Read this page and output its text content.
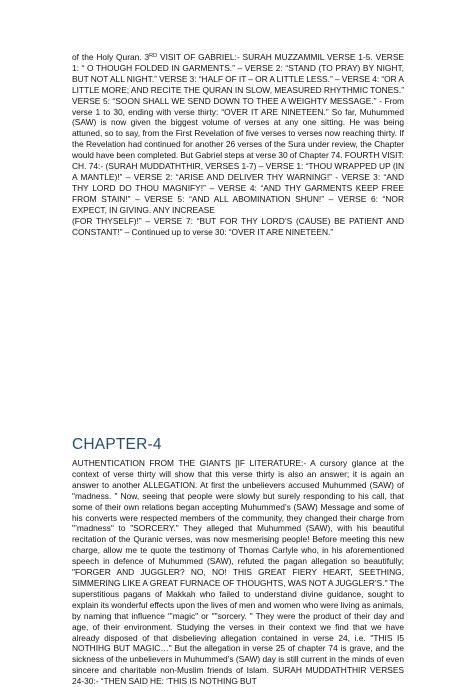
of the Holy Quran. 3RD VISIT OF GABRIEL:- SURAH MUZZAMMIL VERSE 1-5. VERSE 1: “ O THOUGH FOLDED IN GARMENTS.” – VERSE 2: “STAND (TO PRAY) BY NIGHT, BUT NOT ALL NIGHT.” VERSE 3: “HALF OF IT – OR A LITTLE LESS.” – VERSE 4: “OR A LITTLE MORE; AND RECITE THE QURAN IN SLOW, MEASURED RHYTHMIC TONES.” VERSE 5: “SOON SHALL WE SEND DOWN TO THEE A WEIGHTY MESSAGE.” - From verse 1 to 30, ending with verse thirty: “OVER IT ARE NINETEEN.” So far, Muhummed (SAW) is now given the biggest volume of verses at any one sitting. He was being attuned, so to say, from the First Revelation of five verses to verses now reaching thirty. If the Revelation had continued for another 26 verses of the Sura under review, the Chapter would have been completed. But Gabriel steps at verse 30 of Chapter 74. FOURTH VISIT: CH. 74:- (SURAH MUDDATHTHIR, VERSES 1-7) – VERSE 1: “THOU WRAPPED UP (IN A MANTLE)!” – VERSE 2: “ARISE AND DELIVER THY WARNING!” - VERSE 3: “AND THY LORD DO THOU MAGNIFY!” – VERSE 4: “AND THY GARMENTS KEEP FREE FROM STAIN!” – VERSE 5: “AND ALL ABOMINATION SHUN!” – VERSE 6: “NOR EXPECT, IN GIVING. ANY INCREASE

(FOR THYSELF)!” – VERSE 7: “BUT FOR THY LORD’S (CAUSE) BE PATIENT AND CONSTANT!” – Continued up to verse 30: “OVER IT ARE NINETEEN.”

CHAPTER-4

AUTHENTICATION FROM THE GIANTS [IF LITERATURE:- A cursory glance at the context of verse thirty will show that this verse thirty is also an answer; it is again an answer to another ALLEGATION. At first the unbelievers accused Muhummed (SAW) of "madness. " Now, seeing that people were slowly but surely responding to his call, that some of their own relations began accepting Muhummed’s (SAW) Message and some of his converts were respected members of the community, they changed their charge from "’madness" to "SORCERY." They alleged that Muhummed (SAW), with his beautiful recitation of the Quranic verses, was now mesmerising people! Before meeting this new charge, allow me te quote the testimony of Thomas Carlyle who, in his aforementioned speech in defence of Muhummed (SAW), refuted the pagan allegation so beautifully; "FORGER AND JUGGLER? NO, NO! THIS GREAT FIERY HEART, SEETHING, SIMMERING LIKE A GREAT FURNACE OF THOUGHTS, WAS NOT A JUGGLER’S." The superstitious pagans of Makkah who failed to understand divine guidance, sought to explain its wonderful effects upon the lives of men and women who were living as animals, by naming that influence "’magic" or ""sorcery. " They were the product of their day and age, of their environment. Studying the verses in their context we find that we have already disposed of that disbelieving allegation contained in verse 24, i.e. "THIS I5 NOTHIHG BUT MAGIC…" But the allegation in verse 25 of chapter 74 is grave, and the sickness of the unbelievers in Muhummed’s (SAW) day is still current in the minds of even sincere and charitable non-Muslim friends of Islam. SURAH MUDDATHTHIR VERSES 24-30:- “THEN SAID HE: ‘THIS IS NOTHING BUT
